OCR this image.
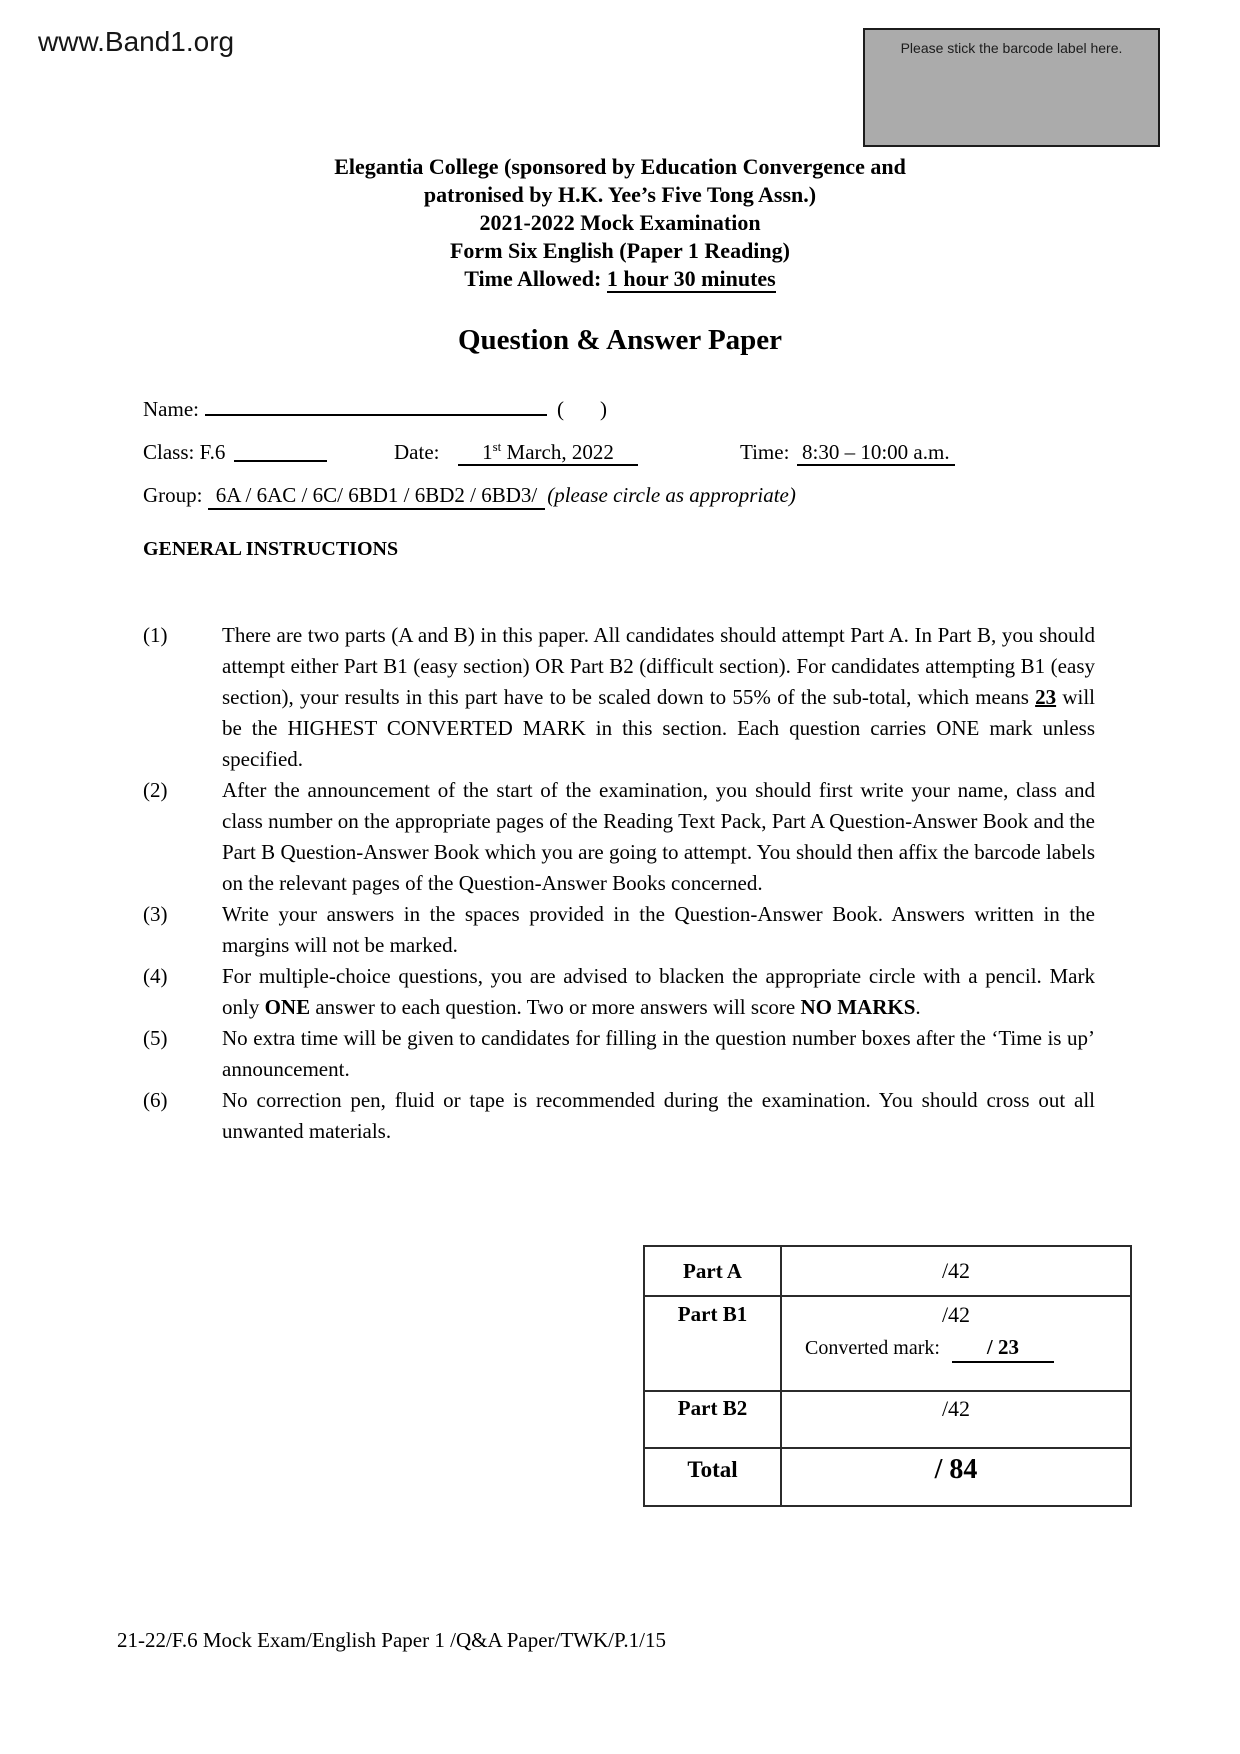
www.Band1.org	Please stick the barcode label here.
Elegantia College (sponsored by Education Convergence and
patronised by H.K. Yee’s Five Tong Assn.)
2021-2022 Mock Examination
Form Six English (Paper 1 Reading)
Time Allowed: 1 hour 30 minutes
Question & Answer Paper
Name:	( )
Class: F.6	Date:	1st March, 2022	Time: 8:30 – 10:00 a.m.
Group: 6A / 6AC / 6C/ 6BD1 / 6BD2 / 6BD3/ (please circle as appropriate)
GENERAL INSTRUCTIONS
(1)	There are two parts (A and B) in this paper. All candidates should attempt Part A. In Part B, you should attempt either Part B1 (easy section) OR Part B2 (difficult section). For candidates attempting B1 (easy section), your results in this part have to be scaled down to 55% of the sub-total, which means 23 will be the HIGHEST CONVERTED MARK in this section. Each question carries ONE mark unless specified.
(2)	After the announcement of the start of the examination, you should first write your name, class and class number on the appropriate pages of the Reading Text Pack, Part A Question-Answer Book and the Part B Question-Answer Book which you are going to attempt. You should then affix the barcode labels on the relevant pages of the Question-Answer Books concerned.
(3)	Write your answers in the spaces provided in the Question-Answer Book. Answers written in the margins will not be marked.
(4)	For multiple-choice questions, you are advised to blacken the appropriate circle with a pencil. Mark only ONE answer to each question. Two or more answers will score NO MARKS.
(5)	No extra time will be given to candidates for filling in the question number boxes after the ‘Time is up’ announcement.
(6)	No correction pen, fluid or tape is recommended during the examination. You should cross out all unwanted materials.
Part A	/42
Part B1	/42
Converted mark: / 23

Part B2	/42
Total	/ 84
21-22/F.6 Mock Exam/English Paper 1 /Q&A Paper/TWK/P.1/15
